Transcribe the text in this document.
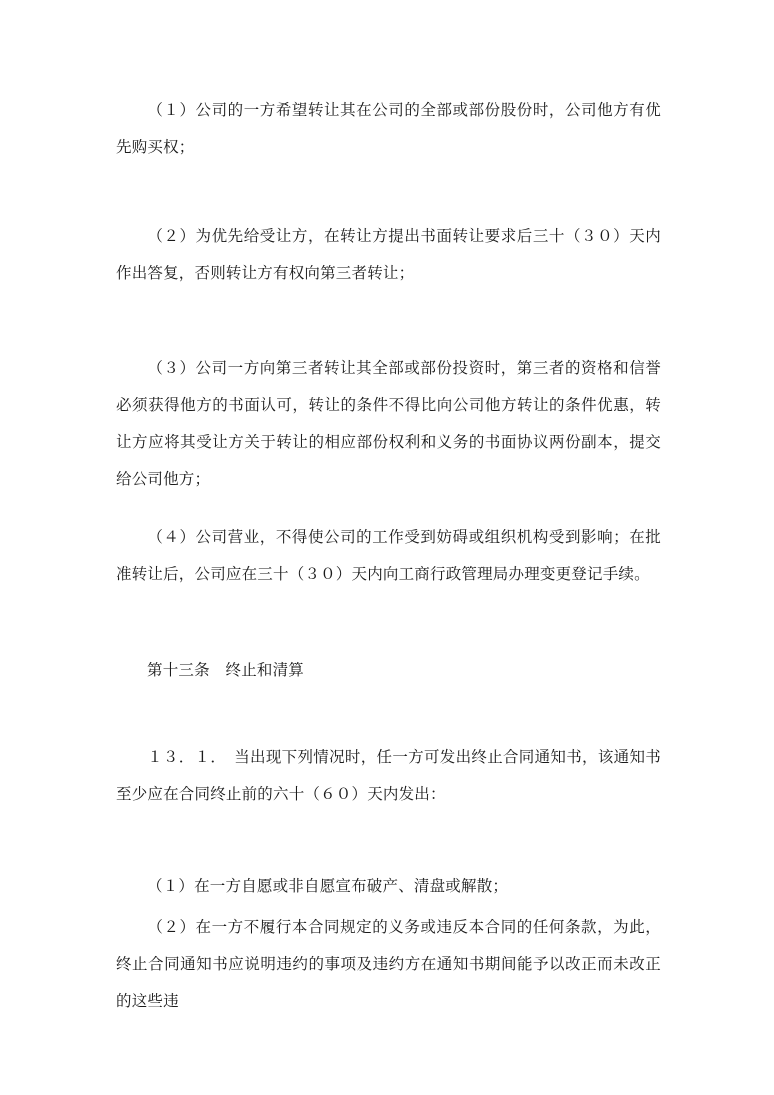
（１）公司的一方希望转让其在公司的全部或部份股份时，公司他方有优先购买权；

（２）为优先给受让方，在转让方提出书面转让要求后三十（３０）天内作出答复，否则转让方有权向第三者转让；

（３）公司一方向第三者转让其全部或部份投资时，第三者的资格和信誉必须获得他方的书面认可，转让的条件不得比向公司他方转让的条件优惠，转让方应将其受让方关于转让的相应部份权利和义务的书面协议两份副本，提交给公司他方；

（４）公司营业，不得使公司的工作受到妨碍或组织机构受到影响；在批准转让后，公司应在三十（３０）天内向工商行政管理局办理变更登记手续。

第十三条　终止和清算

１３．１．　当出现下列情况时，任一方可发出终止合同通知书，该通知书至少应在合同终止前的六十（６０）天内发出：

（１）在一方自愿或非自愿宣布破产、清盘或解散；

（２）在一方不履行本合同规定的义务或违反本合同的任何条款，为此，终止合同通知书应说明违约的事项及违约方在通知书期间能予以改正而未改正的这些违
